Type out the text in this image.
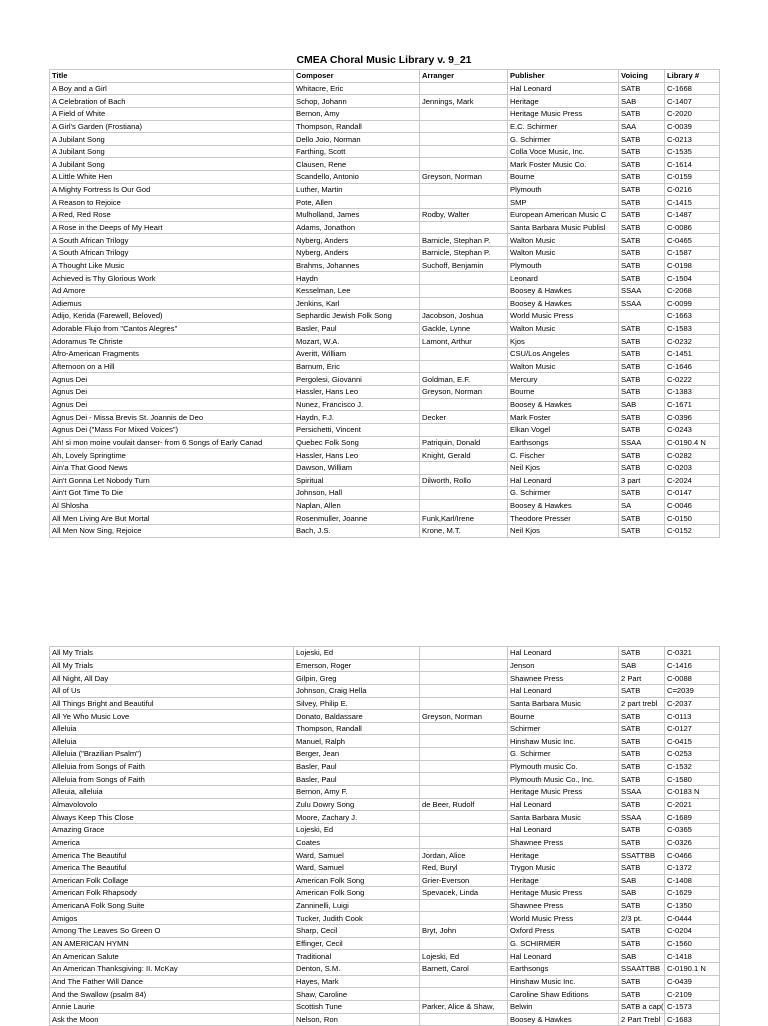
CMEA Choral Music Library v. 9_21
Title	Composer	Arranger	Publisher	Voicing	Library #
A Boy and a Girl	Whitacre, Eric		Hal Leonard	SATB	C-1668
A Celebration of Bach	Schop, Johann	Jennings, Mark	Heritage	SAB	C-1407
A Field of White	Bernon, Amy		Heritage Music Press	SATB	C-2020
A Girl's Garden (Frostiana)	Thompson, Randall		E.C. Schirmer	SAA	C-0039
A Jubilant Song	Dello Joio, Norman		G. Schirmer	SATB	C-0213
A Jubilant Song	Farthing, Scott		Colla Voce Music, Inc.	SATB	C-1535
A Jubilant Song	Clausen, Rene		Mark Foster Music Co.	SATB	C-1614
A Little White Hen	Scandello, Antonio	Greyson, Norman	Bourne	SATB	C-0159
A Mighty Fortress Is Our God	Luther, Martin		Plymouth	SATB	C-0216
A Reason to Rejoice	Pote, Allen		SMP	SATB	C-1415
A Red, Red Rose	Mulholland, James	Rodby, Walter	European American Music C	SATB	C-1487
A Rose in the Deeps of My Heart	Adams, Jonathon		Santa Barbara Music Publisl	SATB	C-0086
A South African Trilogy	Nyberg, Anders	Barnicle, Stephan P.	Walton Music	SATB	C-0465
A South African Trilogy	Nyberg, Anders	Barnicle, Stephan P.	Walton Music	SATB	C-1587
A Thought Like Music	Brahms, Johannes	Suchoff, Benjamin	Plymouth	SATB	C-0198
Achieved is Thy Glorious Work	Haydn		Leonard	SATB	C-1504
Ad Amore	Kesselman, Lee		Boosey & Hawkes	SSAA	C-2068
Adiemus	Jenkins, Karl		Boosey & Hawkes	SSAA	C-0099
Adijo, Kerida (Farewell, Beloved)	Sephardic Jewish Folk Song	Jacobson, Joshua	World Music Press		C-1663
Adorable Flujo from "Cantos Alegres"	Basler, Paul	Gackle, Lynne	Walton Music	SATB	C-1583
Adoramus Te Christe	Mozart, W.A.	Lamont, Arthur	Kjos	SATB	C-0232
Afro-American Fragments	Averitt, William		CSU/Los Angeles	SATB	C-1451
Afternoon on a Hill	Barnum, Eric		Walton Music	SATB	C-1646
Agnus Dei	Pergolesi, Giovanni	Goldman, E.F.	Mercury	SATB	C-0222
Agnus Dei	Hassler, Hans Leo	Greyson, Norman	Bourne	SATB	C-1383
Agnus Dei	Nunez, Francisco J.		Boosey & Hawkes	SAB	C-1671
Agnus Dei - Missa Brevis St. Joannis de Deo	Haydn, F.J.	Decker	Mark Foster	SATB	C-0396
Agnus Dei ("Mass For Mixed Voices")	Persichetti, Vincent		Elkan Vogel	SATB	C-0243
Ah! si mon moine voulait danser- from 6 Songs of Early Canad	Quebec Folk Song	Patriquin, Donald	Earthsongs	SSAA	C-0190.4 N
Ah, Lovely Springtime	Hassler, Hans Leo	Knight, Gerald	C. Fischer	SATB	C-0282
Ain'a That Good News	Dawson, William		Neil Kjos	SATB	C-0203
Ain't Gonna Let Nobody Turn	Spiritual	Dilworth, Rollo	Hal Leonard	3 part	C-2024
Ain't Got Time To Die	Johnson, Hall		G. Schirmer	SATB	C-0147
Al Shlosha	Naplan, Allen		Boosey & Hawkes	SA	C-0046
All Men Living Are But Mortal	Rosenmuller, Joanne	Funk,Karl/Irene	Theodore Presser	SATB	C-0150
All Men Now Sing, Rejoice	Bach, J.S.	Krone, M.T.	Neil Kjos	SATB	C-0152
All My Trials	Lojeski, Ed		Hal Leonard	SATB	C-0321
All My Trials	Emerson, Roger		Jenson	SAB	C-1416
All Night, All Day	Gilpin, Greg		Shawnee Press	2 Part	C-0088
All of Us	Johnson, Craig Hella		Hal Leonard	SATB	C=2039
All Things Bright and Beautiful	Silvey, Philip E.		Santa Barbara Music	2 part trebl	C-2037
All Ye Who Music Love	Donato, Baldassare	Greyson, Norman	Bourne	SATB	C-0113
Alleluia	Thompson, Randall		Schirmer	SATB	C-0127
Alleluia	Manuel, Ralph		Hinshaw Music Inc.	SATB	C-0415
Alleluia ("Brazilian Psalm")	Berger, Jean		G. Schirmer	SATB	C-0253
Alleluia from Songs of Faith	Basler, Paul		Plymouth music Co.	SATB	C-1532
Alleluia from Songs of Faith	Basler, Paul		Plymouth Music Co., Inc.	SATB	C-1580
Alleuia, alleluia	Bernon, Amy F.		Heritage Music Press	SSAA	C-0183 N
Almavolovolo	Zulu Dowry Song	de Beer, Rudolf	Hal Leonard	SATB	C-2021
Always Keep This Close	Moore, Zachary J.		Santa Barbara Music	SSAA	C-1689
Amazing Grace	Lojeski, Ed		Hal Leonard	SATB	C-0365
America	Coates		Shawnee Press	SATB	C-0326
America The Beautiful	Ward, Samuel	Jordan, Alice	Heritage	SSATTBB	C-0466
America The Beautiful	Ward, Samuel	Red, Buryl	Trygon Music	SATB	C-1372
American Folk Collage	American Folk Song	Grier-Everson	Heritage	SAB	C-1408
American Folk Rhapsody	American Folk Song	Spevacek, Linda	Heritage Music Press	SAB	C-1629
AmericanA Folk Song Suite	Zanninelli, Luigi		Shawnee Press	SATB	C-1350
Amigos	Tucker, Judith Cook		World Music Press	2/3 pt.	C-0444
Among The Leaves So Green O	Sharp, Cecil	Bryt, John	Oxford Press	SATB	C-0204
AN AMERICAN HYMN	Effinger, Cecil		G. SCHIRMER	SATB	C-1560
An American Salute	Traditional	Lojeski, Ed	Hal Leonard	SAB	C-1418
An American Thanksgiving: II. McKay	Denton, S.M.	Barnett, Carol	Earthsongs	SSAATTBB	C-0190.1 N
And The Father Will Dance	Hayes, Mark		Hinshaw Music Inc.	SATB	C-0439
And the Swallow (psalm 84)	Shaw, Caroline		Caroline Shaw Editions	SATB	C-2109
Annie Laurie	Scottish Tune	Parker, Alice & Shaw,	Belwin	SATB a cap(	C-1573
Ask the Moon	Nelson, Ron		Boosey & Hawkes	2 Part Trebl	C-1683
